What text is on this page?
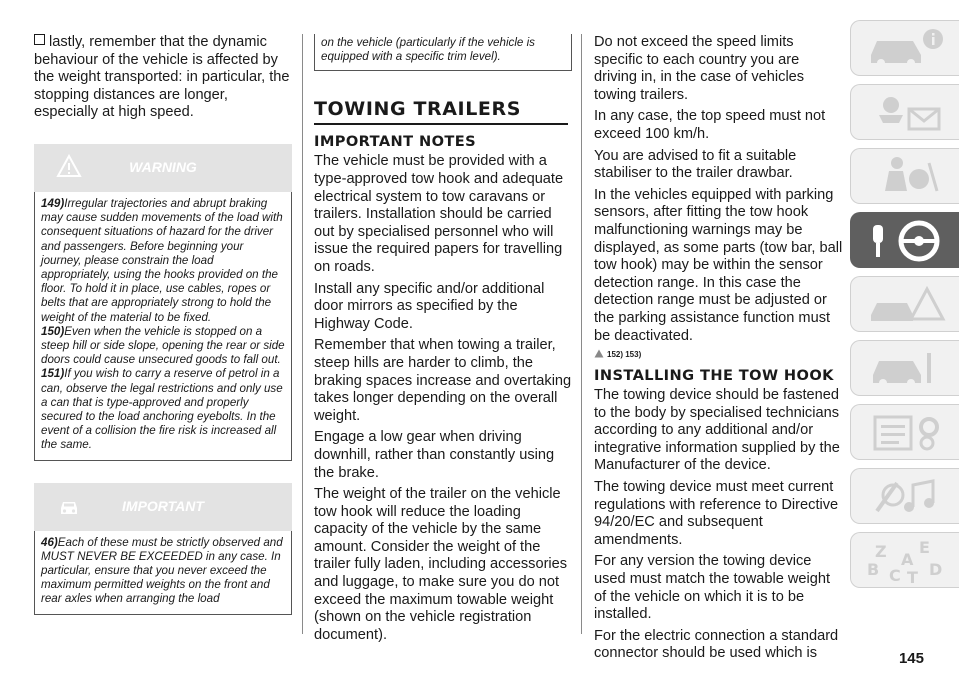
lastly, remember that the dynamic behaviour of the vehicle is affected by the weight transported: in particular, the stopping distances are longer, especially at high speed.

WARNING

149)Irregular trajectories and abrupt braking may cause sudden movements of the load with consequent situations of hazard for the driver and passengers. Before beginning your journey, please constrain the load appropriately, using the hooks provided on the floor. To hold it in place, use cables, ropes or belts that are appropriately strong to hold the weight of the material to be fixed.

150)Even when the vehicle is stopped on a steep hill or side slope, opening the rear or side doors could cause unsecured goods to fall out.

151)If you wish to carry a reserve of petrol in a can, observe the legal restrictions and only use a can that is type-approved and properly secured to the load anchoring eyebolts. In the event of a collision the fire risk is increased all the same.

IMPORTANT

46)Each of these must be strictly observed and MUST NEVER BE EXCEEDED in any case. In particular, ensure that you never exceed the maximum permitted weights on the front and rear axles when arranging the load

on the vehicle (particularly if the vehicle is equipped with a specific trim level).

TOWING TRAILERS
IMPORTANT NOTES

The vehicle must be provided with a type-approved tow hook and adequate electrical system to tow caravans or trailers. Installation should be carried out by specialised personnel who will issue the required papers for travelling on roads.

Install any specific and/or additional door mirrors as specified by the Highway Code.

Remember that when towing a trailer, steep hills are harder to climb, the braking spaces increase and overtaking takes longer depending on the overall weight.

Engage a low gear when driving downhill, rather than constantly using the brake.

The weight of the trailer on the vehicle tow hook will reduce the loading capacity of the vehicle by the same amount. Consider the weight of the trailer fully laden, including accessories and luggage, to make sure you do not exceed the maximum towable weight (shown on the vehicle registration document).

Do not exceed the speed limits specific to each country you are driving in, in the case of vehicles towing trailers.

In any case, the top speed must not exceed 100 km/h.

You are advised to fit a suitable stabiliser to the trailer drawbar.

In the vehicles equipped with parking sensors, after fitting the tow hook malfunctioning warnings may be displayed, as some parts (tow bar, ball tow hook) may be within the sensor detection range. In this case the detection range must be adjusted or the parking assistance function must be deactivated.

152) 153)
INSTALLING THE TOW HOOK

The towing device should be fastened to the body by specialised technicians according to any additional and/or integrative information supplied by the Manufacturer of the device.

The towing device must meet current regulations with reference to Directive 94/20/EC and subsequent amendments.

For any version the towing device used must match the towable weight of the vehicle on which it is to be installed.

For the electric connection a standard connector should be used which is

Z E
A
B C T D
145
